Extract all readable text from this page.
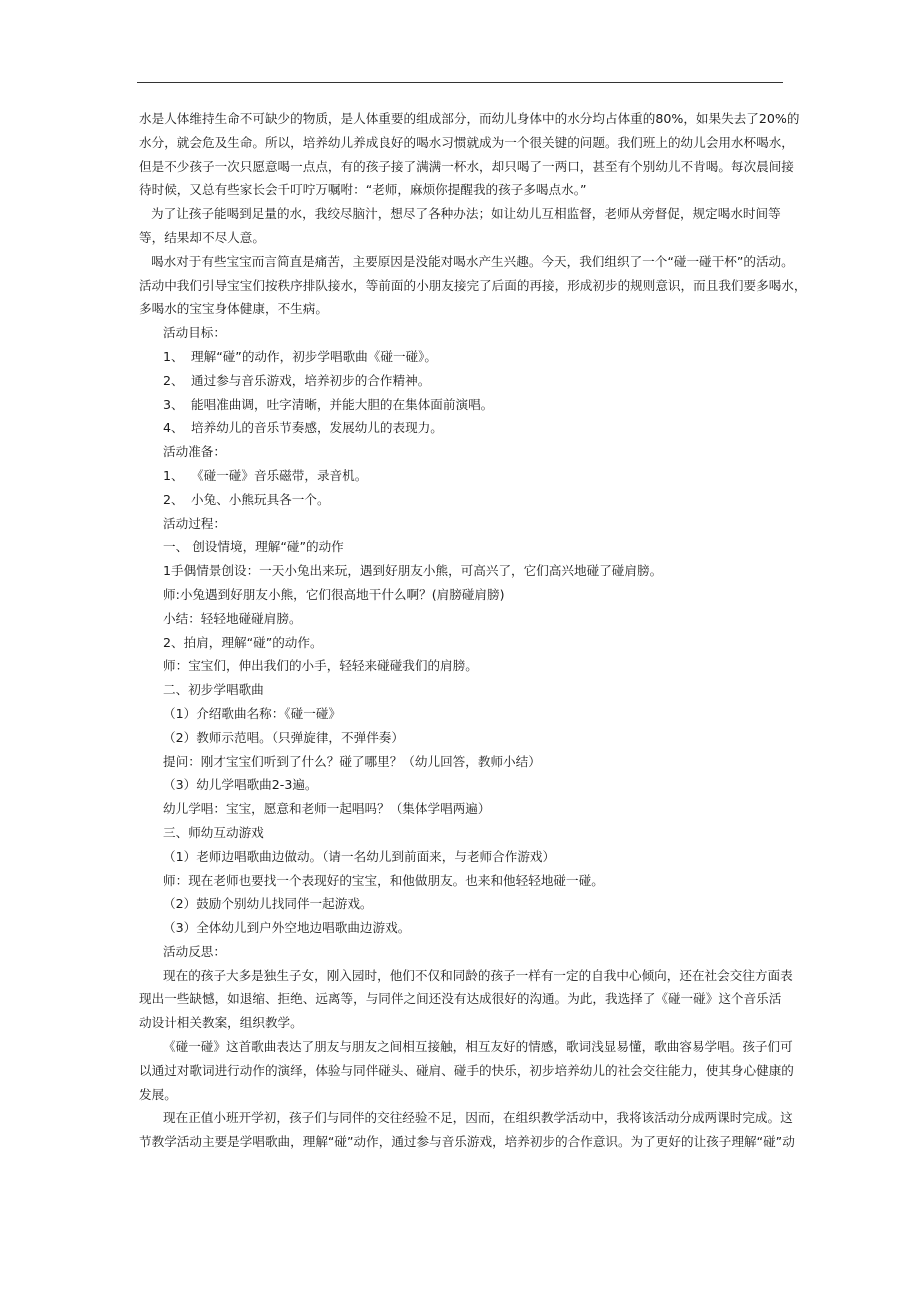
水是人体维持生命不可缺少的物质，是人体重要的组成部分，而幼儿身体中的水分均占体重的80%，如果失去了20%的

水分，就会危及生命。所以，培养幼儿养成良好的喝水习惯就成为一个很关键的问题。我们班上的幼儿会用水杯喝水，

但是不少孩子一次只愿意喝一点点，有的孩子接了满满一杯水，却只喝了一两口，甚至有个别幼儿不肯喝。每次晨间接

待时候，又总有些家长会千叮咛万嘱咐：“老师，麻烦你提醒我的孩子多喝点水。”

为了让孩子能喝到足量的水，我绞尽脑汁，想尽了各种办法；如让幼儿互相监督，老师从旁督促，规定喝水时间等

等，结果却不尽人意。

喝水对于有些宝宝而言简直是痛苦，主要原因是没能对喝水产生兴趣。今天，我们组织了一个“碰一碰干杯”的活动。

活动中我们引导宝宝们按秩序排队接水，等前面的小朋友接完了后面的再接，形成初步的规则意识，而且我们要多喝水，

多喝水的宝宝身体健康，不生病。

活动目标：

1、 理解“碰”的动作，初步学唱歌曲《碰一碰》。

2、 通过参与音乐游戏，培养初步的合作精神。

3、 能唱准曲调，吐字清晰，并能大胆的在集体面前演唱。

4、 培养幼儿的音乐节奏感，发展幼儿的表现力。

活动准备：

1、 《碰一碰》音乐磁带，录音机。

2、 小兔、小熊玩具各一个。

活动过程：

一、 创设情境，理解“碰”的动作

1手偶情景创设：一天小兔出来玩，遇到好朋友小熊，可高兴了，它们高兴地碰了碰肩膀。

师:小兔遇到好朋友小熊，它们很高地干什么啊？(肩膀碰肩膀)

小结：轻轻地碰碰肩膀。

2、拍肩，理解“碰”的动作。

师：宝宝们，伸出我们的小手，轻轻来碰碰我们的肩膀。

二、初步学唱歌曲

（1）介绍歌曲名称：《碰一碰》

（2）教师示范唱。（只弹旋律，不弹伴奏）

提问：刚才宝宝们听到了什么？碰了哪里？（幼儿回答，教师小结）

（3）幼儿学唱歌曲2-3遍。

幼儿学唱：宝宝，愿意和老师一起唱吗？（集体学唱两遍）

三、师幼互动游戏

（1）老师边唱歌曲边做动。（请一名幼儿到前面来，与老师合作游戏）

师：现在老师也要找一个表现好的宝宝，和他做朋友。也来和他轻轻地碰一碰。

（2）鼓励个别幼儿找同伴一起游戏。

（3）全体幼儿到户外空地边唱歌曲边游戏。

活动反思：

现在的孩子大多是独生子女，刚入园时，他们不仅和同龄的孩子一样有一定的自我中心倾向，还在社会交往方面表

现出一些缺憾，如退缩、拒绝、远离等，与同伴之间还没有达成很好的沟通。为此，我选择了《碰一碰》这个音乐活

动设计相关教案，组织教学。

《碰一碰》这首歌曲表达了朋友与朋友之间相互接触，相互友好的情感，歌词浅显易懂，歌曲容易学唱。孩子们可

以通过对歌词进行动作的演绎，体验与同伴碰头、碰肩、碰手的快乐，初步培养幼儿的社会交往能力，使其身心健康的

发展。

现在正值小班开学初，孩子们与同伴的交往经验不足，因而，在组织教学活动中，我将该活动分成两课时完成。这

节教学活动主要是学唱歌曲，理解“碰”动作，通过参与音乐游戏，培养初步的合作意识。为了更好的让孩子理解“碰”动
